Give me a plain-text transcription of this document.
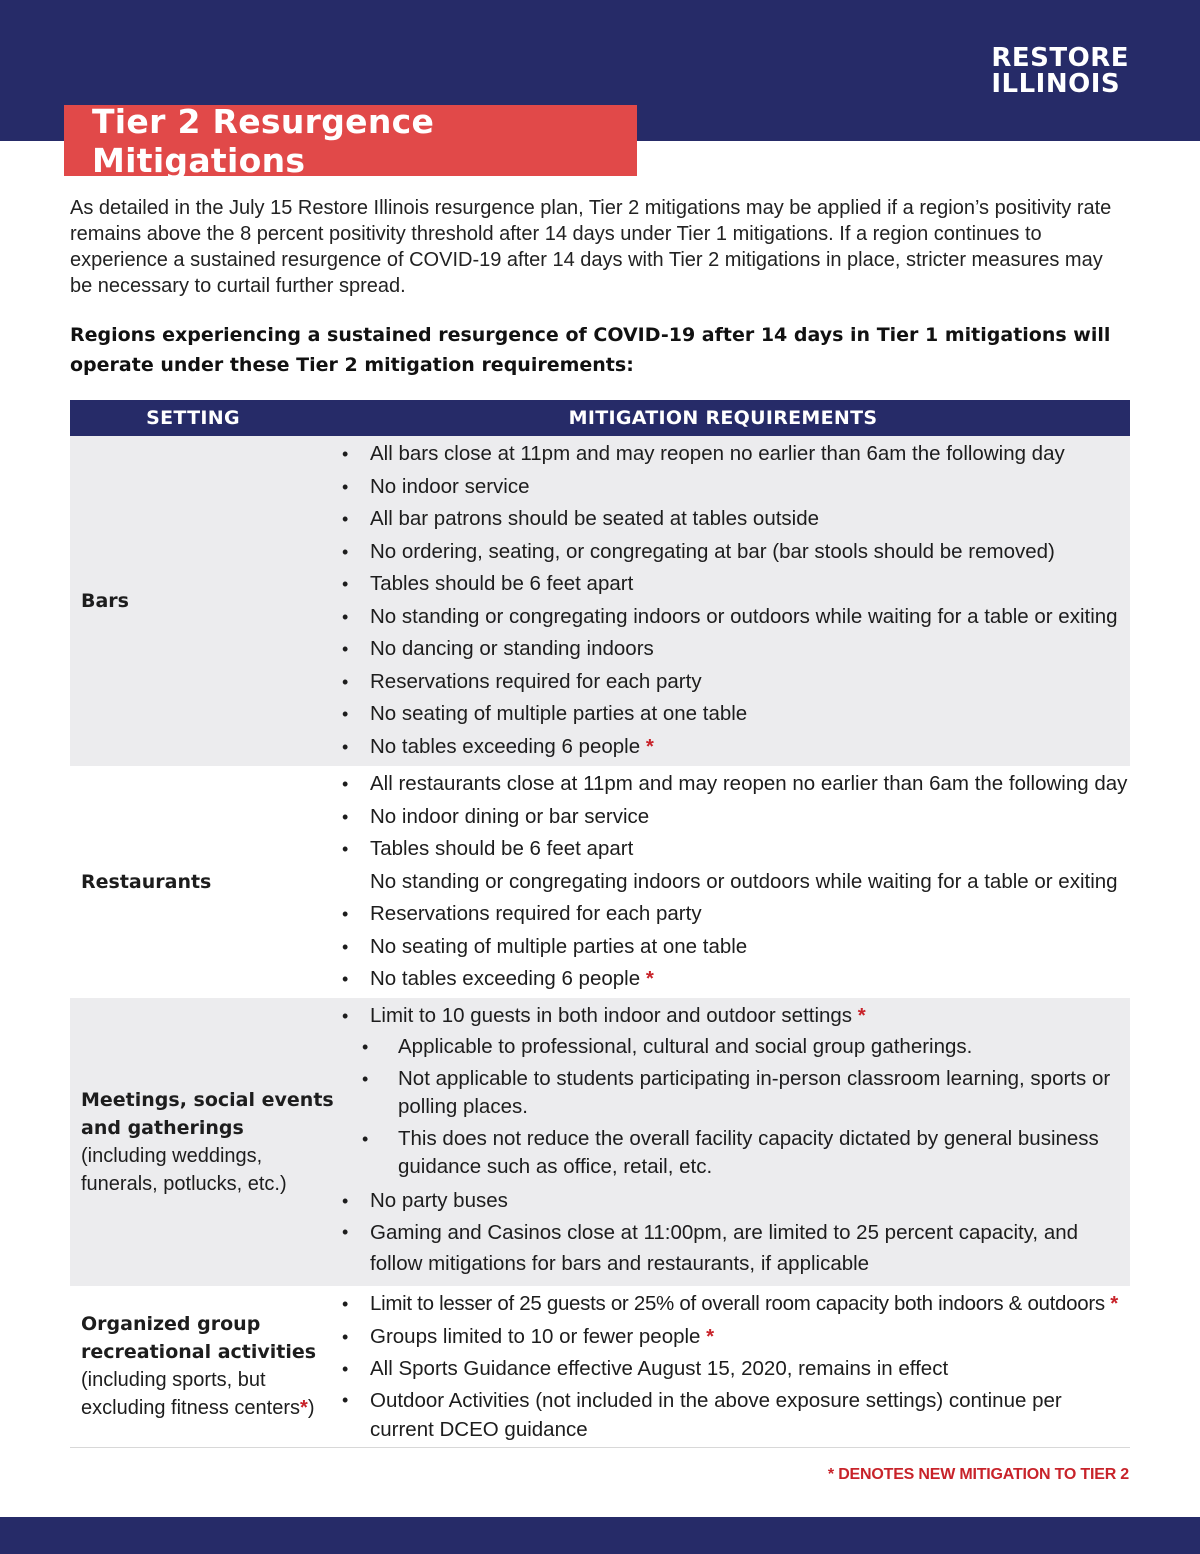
RESTORE
ILLINOIS
Tier 2 Resurgence Mitigations

As detailed in the July 15 Restore Illinois resurgence plan, Tier 2 mitigations may be applied if a region’s positivity rate remains above the 8 percent positivity threshold after 14 days under Tier 1 mitigations. If a region continues to experience a sustained resurgence of COVID-19 after 14 days with Tier 2 mitigations in place, stricter measures may be necessary to curtail further spread.

Regions experiencing a sustained resurgence of COVID-19 after 14 days in Tier 1 mitigations will operate under these Tier 2 mitigation requirements:

SETTING	MITIGATION REQUIREMENTS
Bars
• All bars close at 11pm and may reopen no earlier than 6am the following day
• No indoor service
• All bar patrons should be seated at tables outside
• No ordering, seating, or congregating at bar (bar stools should be removed)
• Tables should be 6 feet apart
• No standing or congregating indoors or outdoors while waiting for a table or exiting
• No dancing or standing indoors
• Reservations required for each party
• No seating of multiple parties at one table
• No tables exceeding 6 people *
Restaurants
• All restaurants close at 11pm and may reopen no earlier than 6am the following day
• No indoor dining or bar service
• Tables should be 6 feet apart
No standing or congregating indoors or outdoors while waiting for a table or exiting
• Reservations required for each party
• No seating of multiple parties at one table
• No tables exceeding 6 people *
Meetings, social events and gatherings
(including weddings, funerals, potlucks, etc.)
• Limit to 10 guests in both indoor and outdoor settings *
• Applicable to professional, cultural and social group gatherings.
• Not applicable to students participating in-person classroom learning, sports or polling places.
• This does not reduce the overall facility capacity dictated by general business guidance such as office, retail, etc.
• No party buses
• Gaming and Casinos close at 11:00pm, are limited to 25 percent capacity, and follow mitigations for bars and restaurants, if applicable
Organized group recreational activities
(including sports, but excluding fitness centers*)
• Limit to lesser of 25 guests or 25% of overall room capacity both indoors & outdoors *
• Groups limited to 10 or fewer people *
• All Sports Guidance effective August 15, 2020, remains in effect
• Outdoor Activities (not included in the above exposure settings) continue per current DCEO guidance
* DENOTES NEW MITIGATION TO TIER 2
